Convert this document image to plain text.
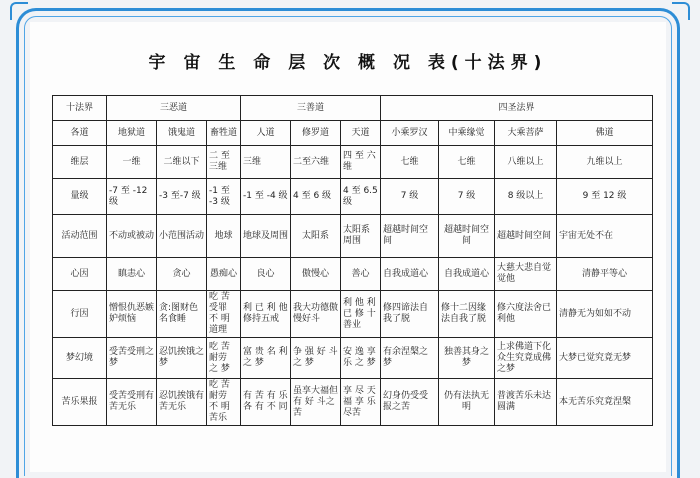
宇 宙 生 命 层 次 概 况 表(十法界)
十法界	三恶道			三善道			四圣法界			
各道	地狱道	饿鬼道	畜牲道	人道	修罗道	天道	小乘罗汉	中乘缘觉	大乘菩萨	佛道
维层	一维	二维以下	二 至 三维	三维	二至六维	四 至 六 维	七维	七维	八维以上	九维以上
量级	-7 至 -12 级	-3 至-7 级	-1 至 -3 级	-1 至 -4 级	4 至 6 级	4 至 6.5 级	7 级	7 级	8 级以上	9 至 12 级
活动范围	不动或被动	小范围活动	地球	地球及周围	太阳系	太阳系周围	超越时间空间	超越时间空间	超越时间空间	宇宙无处不在
心因	瞋恚心	贪心	愚痴心	良心	傲慢心	善心	自我成道心	自我成道心	大慈大悲自觉觉他	清静平等心
行因	憎恨仇恶嫉妒烦恼	贪:图财色名食睡	吃 苦 受罪 不 明道理	利 已 利 他修持五戒	我大功德傲慢好斗	利 他 利已 修 十善业	修四谛法自我了脱	修十二因缘法自我了脱	修六度法舍已利他	清静无为如如不动
梦幻境	受苦受刑之梦	忍饥挨饿之梦	吃 苦 耐劳 之 梦	富 贵 名 利之 梦	争 强 好 斗之 梦	安 逸 享乐 之 梦	有余涅槃之梦	独善其身之梦	上求佛道下化众生究竟成佛之梦	大梦已觉究竟无梦
苦乐果报	受苦受刑有苦无乐	忍饥挨饿有苦无乐	吃 苦 耐劳 不 明苦乐	有 苦 有 乐各 有 不 同	虽享大福但有 好 斗之 苦	享 尽 天福 享 乐尽苦	幻身仍受受报之苦	仍有法执无明	普渡苦乐未达圆满	本无苦乐究竟涅槃
